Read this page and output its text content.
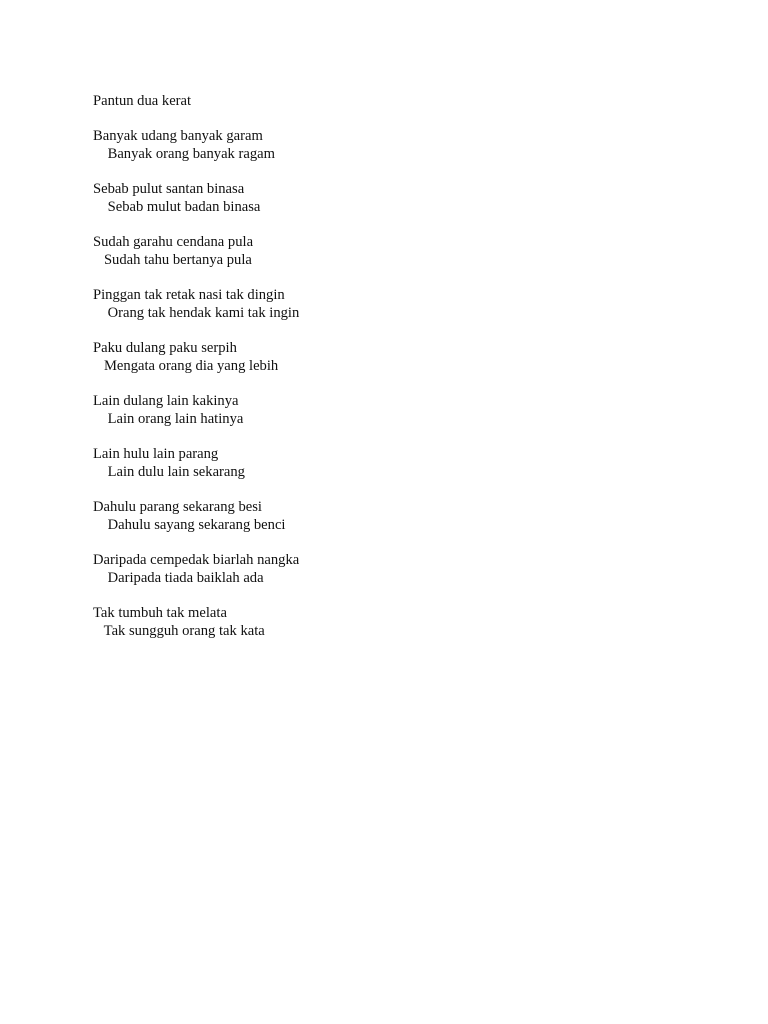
Pantun dua kerat

Banyak udang banyak garam
Banyak orang banyak ragam
Sebab pulut santan binasa
Sebab mulut badan binasa
Sudah garahu cendana pula
Sudah tahu bertanya pula
Pinggan tak retak nasi tak dingin
Orang tak hendak kami tak ingin
Paku dulang paku serpih
Mengata orang dia yang lebih
Lain dulang lain kakinya
Lain orang lain hatinya
Lain hulu lain parang
Lain dulu lain sekarang
Dahulu parang sekarang besi
Dahulu sayang sekarang benci
Daripada cempedak biarlah nangka
Daripada tiada baiklah ada
Tak tumbuh tak melata
Tak sungguh orang tak kata
